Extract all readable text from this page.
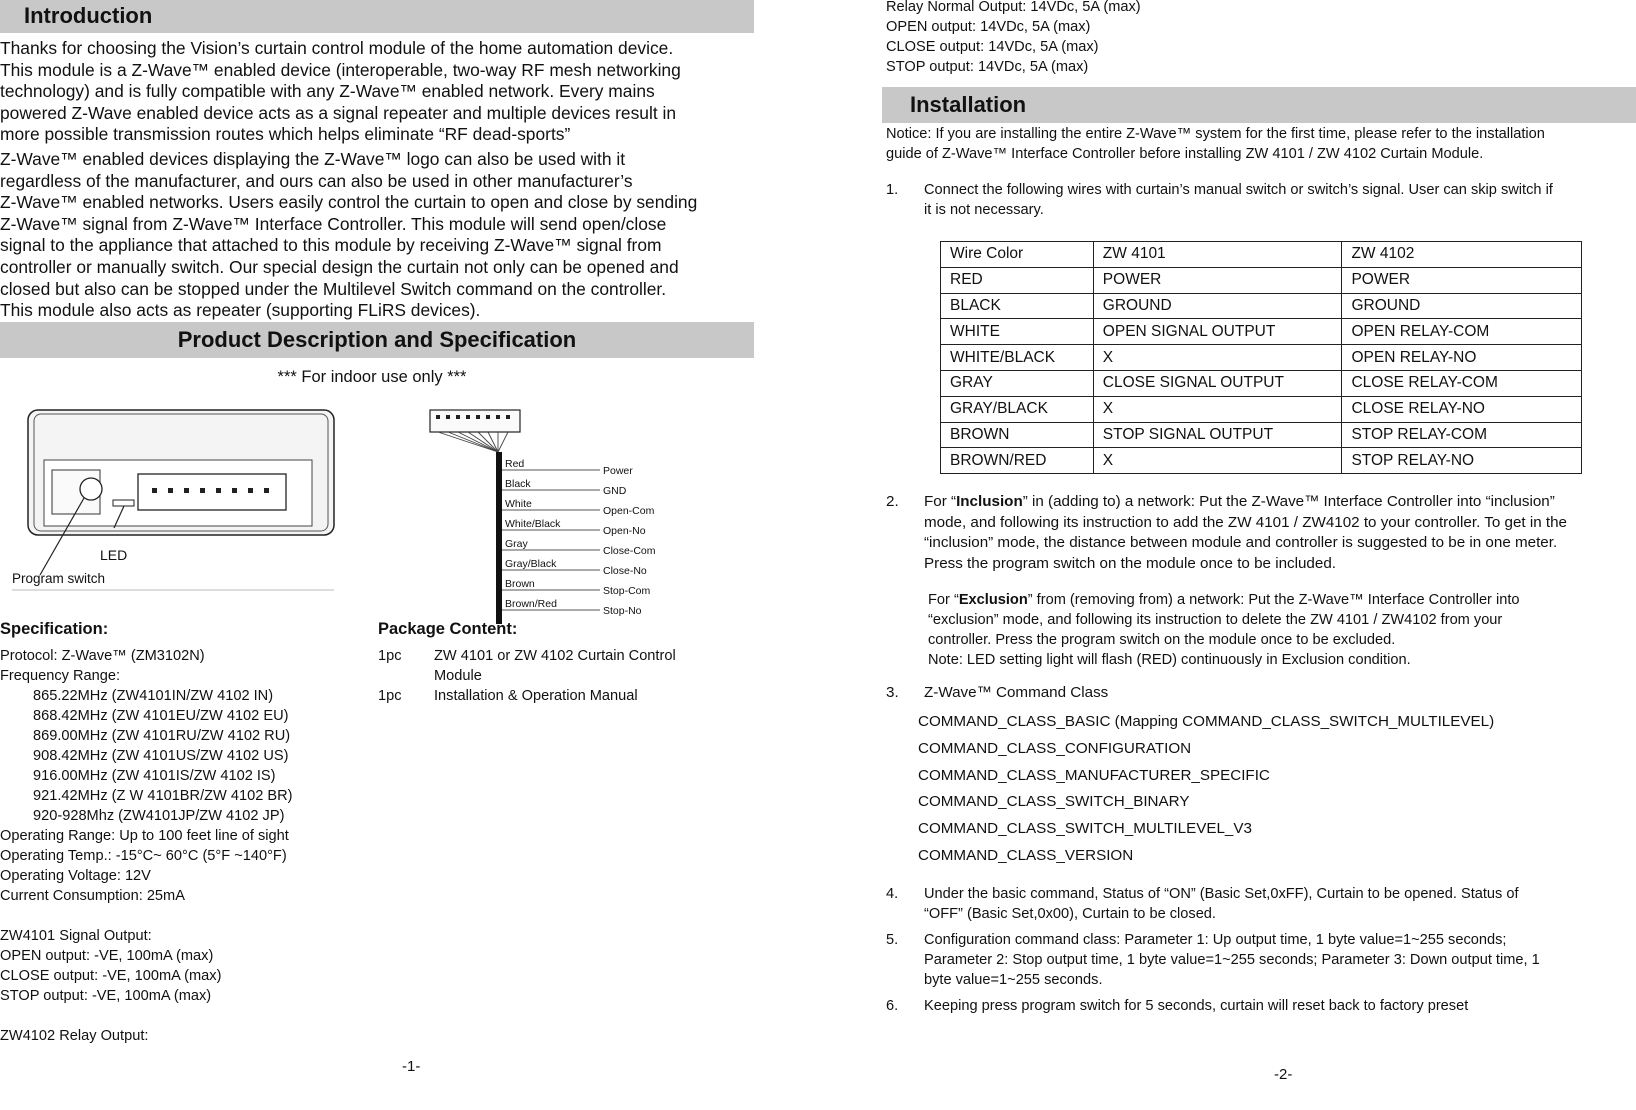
Introduction
Thanks for choosing the Vision’s curtain control module of the home automation device.
This module is a Z-Wave™ enabled device (interoperable, two-way RF mesh networking
technology) and is fully compatible with any Z-Wave™ enabled network. Every mains
powered Z-Wave enabled device acts as a signal repeater and multiple devices result in
more possible transmission routes which helps eliminate “RF dead-sports”
Z-Wave™ enabled devices displaying the Z-Wave™ logo can also be used with it
regardless of the manufacturer, and ours can also be used in other manufacturer’s
Z-Wave™ enabled networks. Users easily control the curtain to open and close by sending
Z-Wave™ signal from Z-Wave™ Interface Controller. This module will send open/close
signal to the appliance that attached to this module by receiving Z-Wave™ signal from
controller or manually switch. Our special design the curtain not only can be opened and
closed but also can be stopped under the Multilevel Switch command on the controller.
This module also acts as repeater (supporting FLiRS devices).
Product Description and Specification
*** For indoor use only ***
LED
Program switch
Red
Black
White
White/Black
Gray
Gray/Black
Brown
Brown/Red
Power
GND
Open-Com
Open-No
Close-Com
Close-No
Stop-Com
Stop-No
Specification:
Protocol: Z-Wave™ (ZM3102N)
Frequency Range:
865.22MHz (ZW4101IN/ZW 4102 IN)
868.42MHz (ZW 4101EU/ZW 4102 EU)
869.00MHz (ZW 4101RU/ZW 4102 RU)
908.42MHz (ZW 4101US/ZW 4102 US)
916.00MHz (ZW 4101IS/ZW 4102 IS)
921.42MHz (Z W 4101BR/ZW 4102 BR)
920-928Mhz (ZW4101JP/ZW 4102 JP)
Operating Range: Up to 100 feet line of sight
Operating Temp.: -15°C~ 60°C (5°F ~140°F)
Operating Voltage: 12V
Current Consumption: 25mA
ZW4101 Signal Output:
OPEN output: -VE, 100mA (max)
CLOSE output: -VE, 100mA (max)
STOP output: -VE, 100mA (max)
ZW4102 Relay Output:
Package Content:
1pc ZW 4101 or ZW 4102 Curtain Control
Module
1pc Installation & Operation Manual
-1-
Relay Normal Output: 14VDc, 5A (max)
OPEN output: 14VDc, 5A (max)
CLOSE output: 14VDc, 5A (max)
STOP output: 14VDc, 5A (max)
Installation
Notice: If you are installing the entire Z-Wave™ system for the first time, please refer to the installation
guide of Z-Wave™ Interface Controller before installing ZW 4101 / ZW 4102 Curtain Module.
1. Connect the following wires with curtain’s manual switch or switch’s signal. User can skip switch if
it is not necessary.
Wire Color	ZW 4101	ZW 4102
RED	POWER	POWER
BLACK	GROUND	GROUND
WHITE	OPEN SIGNAL OUTPUT	OPEN RELAY-COM
WHITE/BLACK	X	OPEN RELAY-NO
GRAY	CLOSE SIGNAL OUTPUT	CLOSE RELAY-COM
GRAY/BLACK	X	CLOSE RELAY-NO
BROWN	STOP SIGNAL OUTPUT	STOP RELAY-COM
BROWN/RED	X	STOP RELAY-NO
2. For “Inclusion” in (adding to) a network: Put the Z-Wave™ Interface Controller into “inclusion”
mode, and following its instruction to add the ZW 4101 / ZW4102 to your controller. To get in the
“inclusion” mode, the distance between module and controller is suggested to be in one meter.
Press the program switch on the module once to be included.
For “Exclusion” from (removing from) a network: Put the Z-Wave™ Interface Controller into
“exclusion” mode, and following its instruction to delete the ZW 4101 / ZW4102 from your
controller. Press the program switch on the module once to be excluded.
Note: LED setting light will flash (RED) continuously in Exclusion condition.
3. Z-Wave™ Command Class
COMMAND_CLASS_BASIC (Mapping COMMAND_CLASS_SWITCH_MULTILEVEL)
COMMAND_CLASS_CONFIGURATION
COMMAND_CLASS_MANUFACTURER_SPECIFIC
COMMAND_CLASS_SWITCH_BINARY
COMMAND_CLASS_SWITCH_MULTILEVEL_V3
COMMAND_CLASS_VERSION
4. Under the basic command, Status of “ON” (Basic Set,0xFF), Curtain to be opened. Status of
“OFF” (Basic Set,0x00), Curtain to be closed.
5. Configuration command class: Parameter 1: Up output time, 1 byte value=1~255 seconds;
Parameter 2: Stop output time, 1 byte value=1~255 seconds; Parameter 3: Down output time, 1
byte value=1~255 seconds.
6. Keeping press program switch for 5 seconds, curtain will reset back to factory preset
-2-
